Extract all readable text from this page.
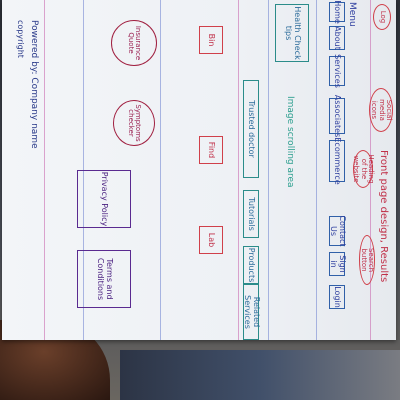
Log
Social media icons
Front page design, Results
Heading of the website
Search button
Menu
Home
About
Services
Associates
Ecommerce
Contact Us
Sign in
Login
Health Check tips
Image scrolling area
Trusted doctor
Tutorials
Products
Related Services
Bin
Find
Lab
Insurance Quote
Symptoms checker
Privacy Policy
Terms and Conditions
Powered by: Company name
copyright
